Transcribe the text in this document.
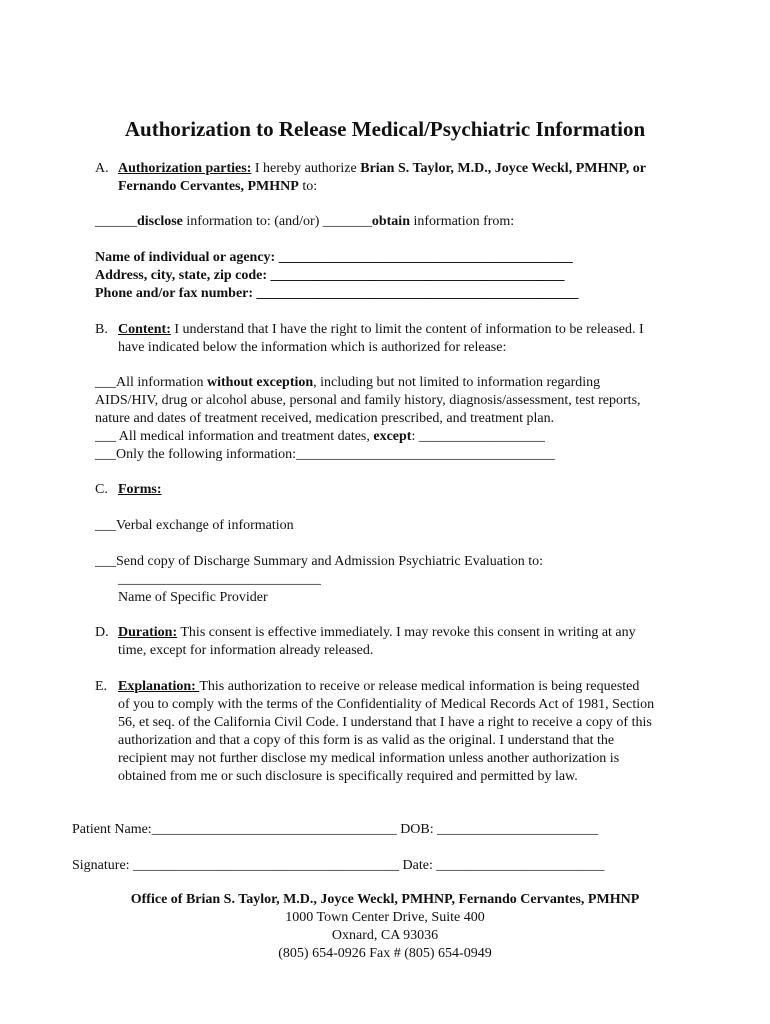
Authorization to Release Medical/Psychiatric Information
A. Authorization parties: I hereby authorize Brian S. Taylor, M.D., Joyce Weckl, PMHNP, or
Fernando Cervantes, PMHNP to:
______disclose information to: (and/or) _______obtain information from:
Name of individual or agency: __________________________________________
Address, city, state, zip code: __________________________________________
Phone and/or fax number: ______________________________________________
B. Content: I understand that I have the right to limit the content of information to be released. I
have indicated below the information which is authorized for release:
___All information without exception, including but not limited to information regarding
AIDS/HIV, drug or alcohol abuse, personal and family history, diagnosis/assessment, test reports,
nature and dates of treatment received, medication prescribed, and treatment plan.
___ All medical information and treatment dates, except: __________________
___Only the following information:_____________________________________
C. Forms:
___Verbal exchange of information
___Send copy of Discharge Summary and Admission Psychiatric Evaluation to:
_____________________________
Name of Specific Provider
D. Duration: This consent is effective immediately. I may revoke this consent in writing at any
time, except for information already released.
E. Explanation: This authorization to receive or release medical information is being requested
of you to comply with the terms of the Confidentiality of Medical Records Act of 1981, Section
56, et seq. of the California Civil Code. I understand that I have a right to receive a copy of this
authorization and that a copy of this form is as valid as the original. I understand that the
recipient may not further disclose my medical information unless another authorization is
obtained from me or such disclosure is specifically required and permitted by law.
Patient Name:___________________________________ DOB: _______________________
Signature: ______________________________________ Date: ________________________
Office of Brian S. Taylor, M.D., Joyce Weckl, PMHNP, Fernando Cervantes, PMHNP
1000 Town Center Drive, Suite 400
Oxnard, CA 93036
(805) 654-0926 Fax # (805) 654-0949
